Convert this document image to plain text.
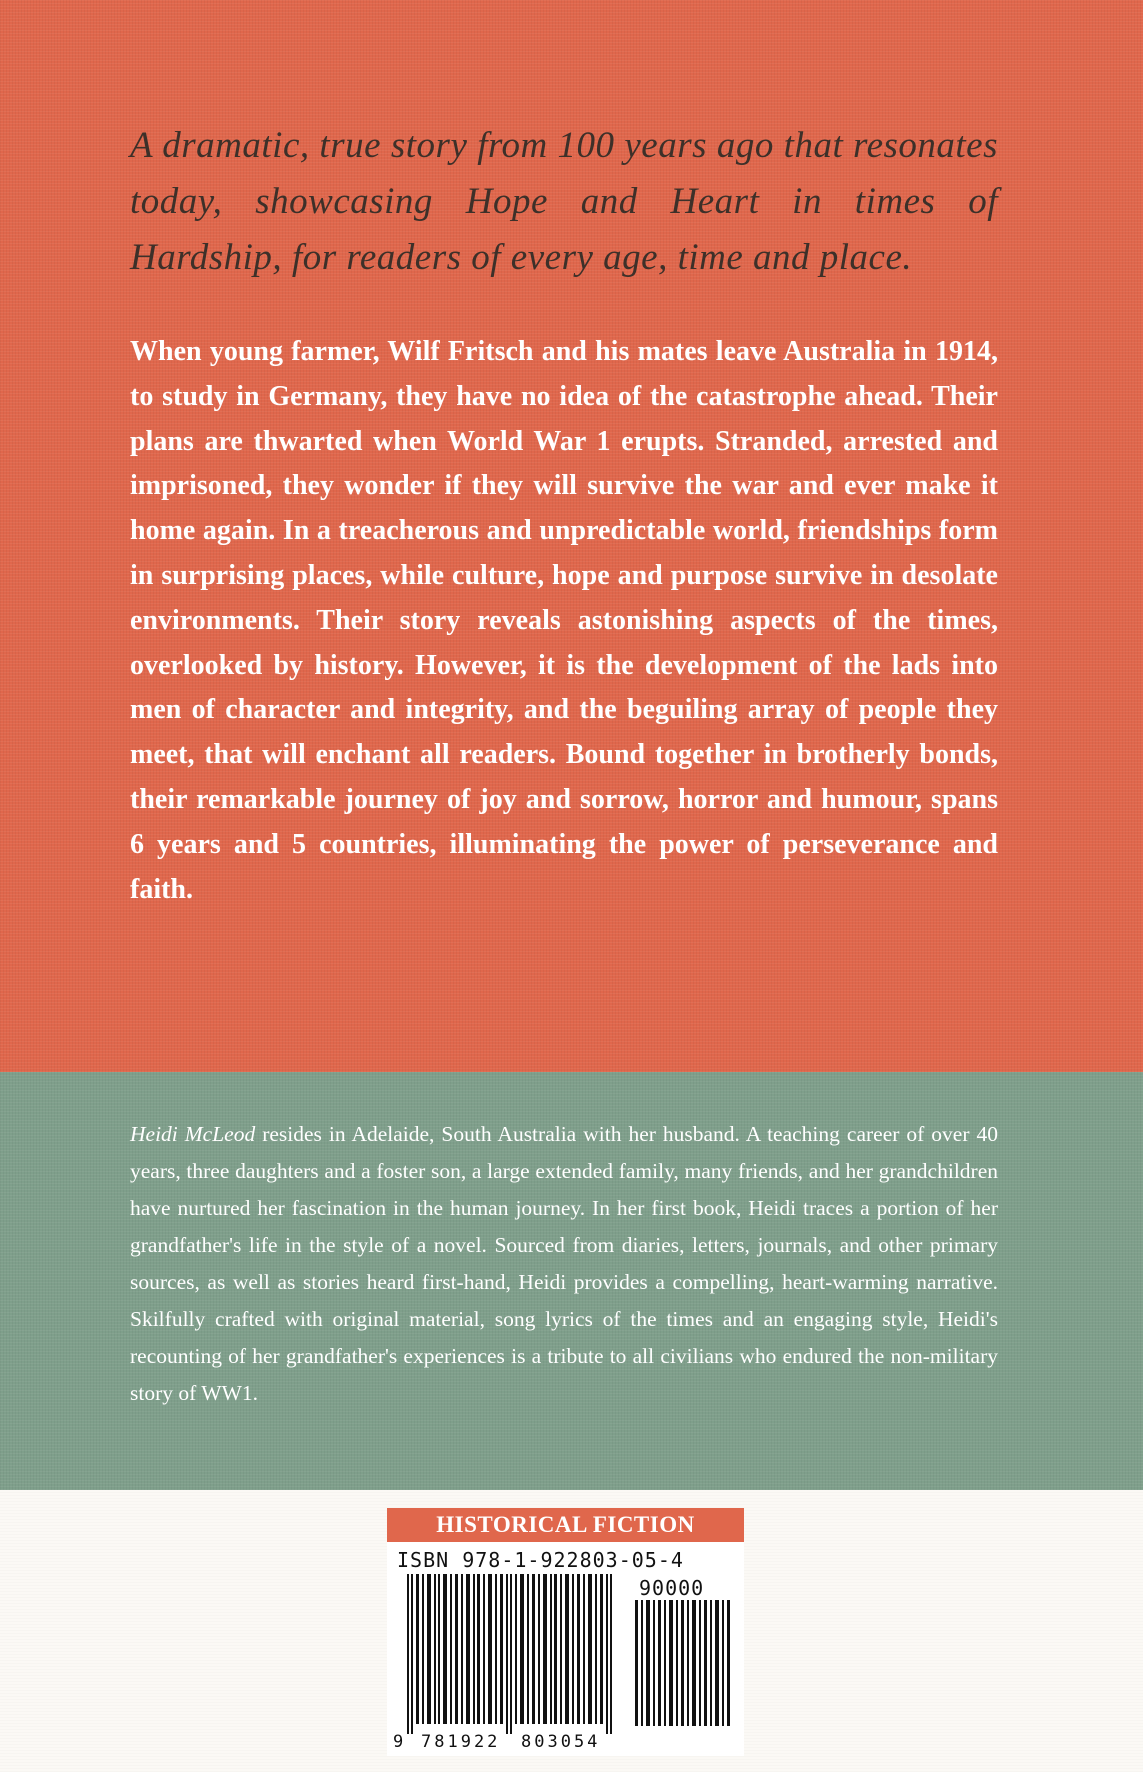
A dramatic, true story from 100 years ago that resonates today, showcasing Hope and Heart in times of Hardship, for readers of every age, time and place.
When young farmer, Wilf Fritsch and his mates leave Australia in 1914, to study in Germany, they have no idea of the catastrophe ahead. Their plans are thwarted when World War 1 erupts. Stranded, arrested and imprisoned, they wonder if they will survive the war and ever make it home again. In a treacherous and unpredictable world, friendships form in surprising places, while culture, hope and purpose survive in desolate environments. Their story reveals astonishing aspects of the times, overlooked by history. However, it is the development of the lads into men of character and integrity, and the beguiling array of people they meet, that will enchant all readers. Bound together in brotherly bonds, their remarkable journey of joy and sorrow, horror and humour, spans 6 years and 5 countries, illuminating the power of perseverance and faith.
Heidi McLeod resides in Adelaide, South Australia with her husband. A teaching career of over 40 years, three daughters and a foster son, a large extended family, many friends, and her grandchildren have nurtured her fascination in the human journey. In her first book, Heidi traces a portion of her grandfather's life in the style of a novel. Sourced from diaries, letters, journals, and other primary sources, as well as stories heard first-hand, Heidi provides a compelling, heart-warming narrative. Skilfully crafted with original material, song lyrics of the times and an engaging style, Heidi's recounting of her grandfather's experiences is a tribute to all civilians who endured the non-military story of WW1.
HISTORICAL FICTION
ISBN 978-1-922803-05-4
90000
9 781922 803054
